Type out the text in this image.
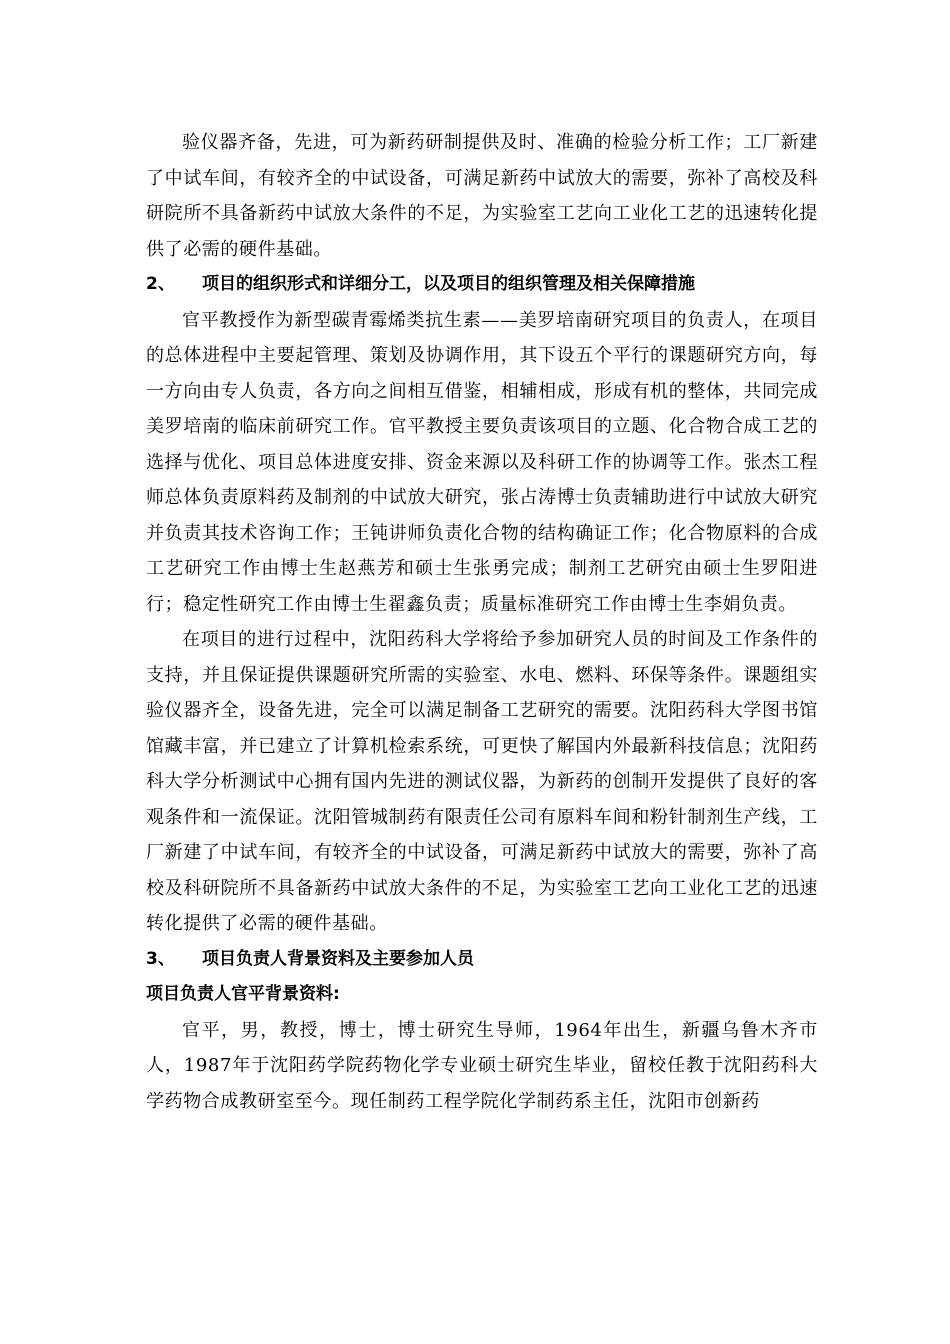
验仪器齐备，先进，可为新药研制提供及时、准确的检验分析工作；工厂新建了中试车间，有较齐全的中试设备，可满足新药中试放大的需要，弥补了高校及科研院所不具备新药中试放大条件的不足，为实验室工艺向工业化工艺的迅速转化提供了必需的硬件基础。

2、 项目的组织形式和详细分工，以及项目的组织管理及相关保障措施

官平教授作为新型碳青霉烯类抗生素——美罗培南研究项目的负责人，在项目的总体进程中主要起管理、策划及协调作用，其下设五个平行的课题研究方向，每一方向由专人负责，各方向之间相互借鉴，相辅相成，形成有机的整体，共同完成美罗培南的临床前研究工作。官平教授主要负责该项目的立题、化合物合成工艺的选择与优化、项目总体进度安排、资金来源以及科研工作的协调等工作。张杰工程师总体负责原料药及制剂的中试放大研究，张占涛博士负责辅助进行中试放大研究并负责其技术咨询工作；王钝讲师负责化合物的结构确证工作；化合物原料的合成工艺研究工作由博士生赵燕芳和硕士生张勇完成；制剂工艺研究由硕士生罗阳进行；稳定性研究工作由博士生翟鑫负责；质量标准研究工作由博士生李娟负责。

在项目的进行过程中，沈阳药科大学将给予参加研究人员的时间及工作条件的支持，并且保证提供课题研究所需的实验室、水电、燃料、环保等条件。课题组实验仪器齐全，设备先进，完全可以满足制备工艺研究的需要。沈阳药科大学图书馆馆藏丰富，并已建立了计算机检索系统，可更快了解国内外最新科技信息；沈阳药科大学分析测试中心拥有国内先进的测试仪器，为新药的创制开发提供了良好的客观条件和一流保证。沈阳管城制药有限责任公司有原料车间和粉针制剂生产线，工厂新建了中试车间，有较齐全的中试设备，可满足新药中试放大的需要，弥补了高校及科研院所不具备新药中试放大条件的不足，为实验室工艺向工业化工艺的迅速转化提供了必需的硬件基础。

3、 项目负责人背景资料及主要参加人员

项目负责人官平背景资料:

官平，男，教授，博士，博士研究生导师，1964年出生，新疆乌鲁木齐市人，1987年于沈阳药学院药物化学专业硕士研究生毕业，留校任教于沈阳药科大学药物合成教研室至今。现任制药工程学院化学制药系主任，沈阳市创新药
